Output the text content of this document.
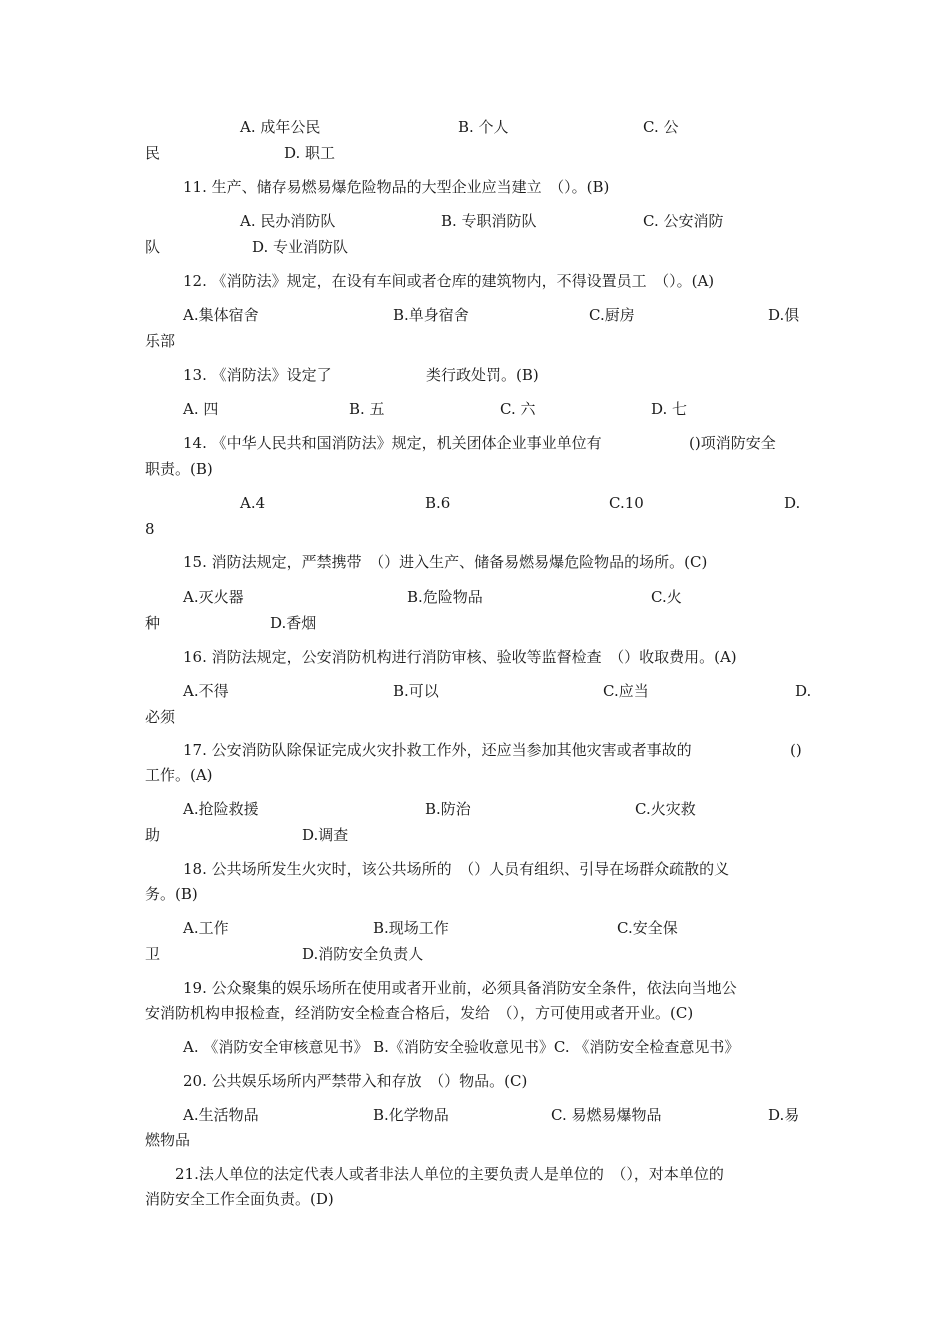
A. 成年公民	B. 个人	C. 公
民	D. 职工
11. 生产、储存易燃易爆危险物品的大型企业应当建立　（）。(B)
A. 民办消防队	B. 专职消防队	C. 公安消防
队	D. 专业消防队
12. 《消防法》规定，在设有车间或者仓库的建筑物内，不得设置员工　（）。(A)
A.集体宿舍	B.单身宿舍	C.厨房	D.俱
乐部
13. 《消防法》设定了	类行政处罚。(B)
A. 四	B. 五	C. 六	D. 七
14. 《中华人民共和国消防法》规定，机关团体企业事业单位有	()项消防安全
职责。(B)
A.4	B.6	C.10	D.
8
15. 消防法规定，严禁携带　（）进入生产、储备易燃易爆危险物品的场所。(C)
A.灭火器	B.危险物品	C.火
种	D.香烟
16. 消防法规定，公安消防机构进行消防审核、验收等监督检查　（）收取费用。(A)
A.不得	B.可以	C.应当	D.
必须
17. 公安消防队除保证完成火灾扑救工作外，还应当参加其他灾害或者事故的	()
工作。(A)
A.抢险救援	B.防治	C.火灾救
助	D.调查
18. 公共场所发生火灾时，该公共场所的　（）人员有组织、引导在场群众疏散的义
务。(B)
A.工作	B.现场工作	C.安全保
卫	D.消防安全负责人
19. 公众聚集的娱乐场所在使用或者开业前，必须具备消防安全条件，依法向当地公
安消防机构申报检查，经消防安全检查合格后，发给　（），方可使用或者开业。(C)
A. 《消防安全审核意见书》 B.《消防安全验收意见书》C. 《消防安全检查意见书》
20. 公共娱乐场所内严禁带入和存放　（）物品。(C)
A.生活物品	B.化学物品	C. 易燃易爆物品	D.易
燃物品
21.法人单位的法定代表人或者非法人单位的主要负责人是单位的　（），对本单位的
消防安全工作全面负责。(D)
